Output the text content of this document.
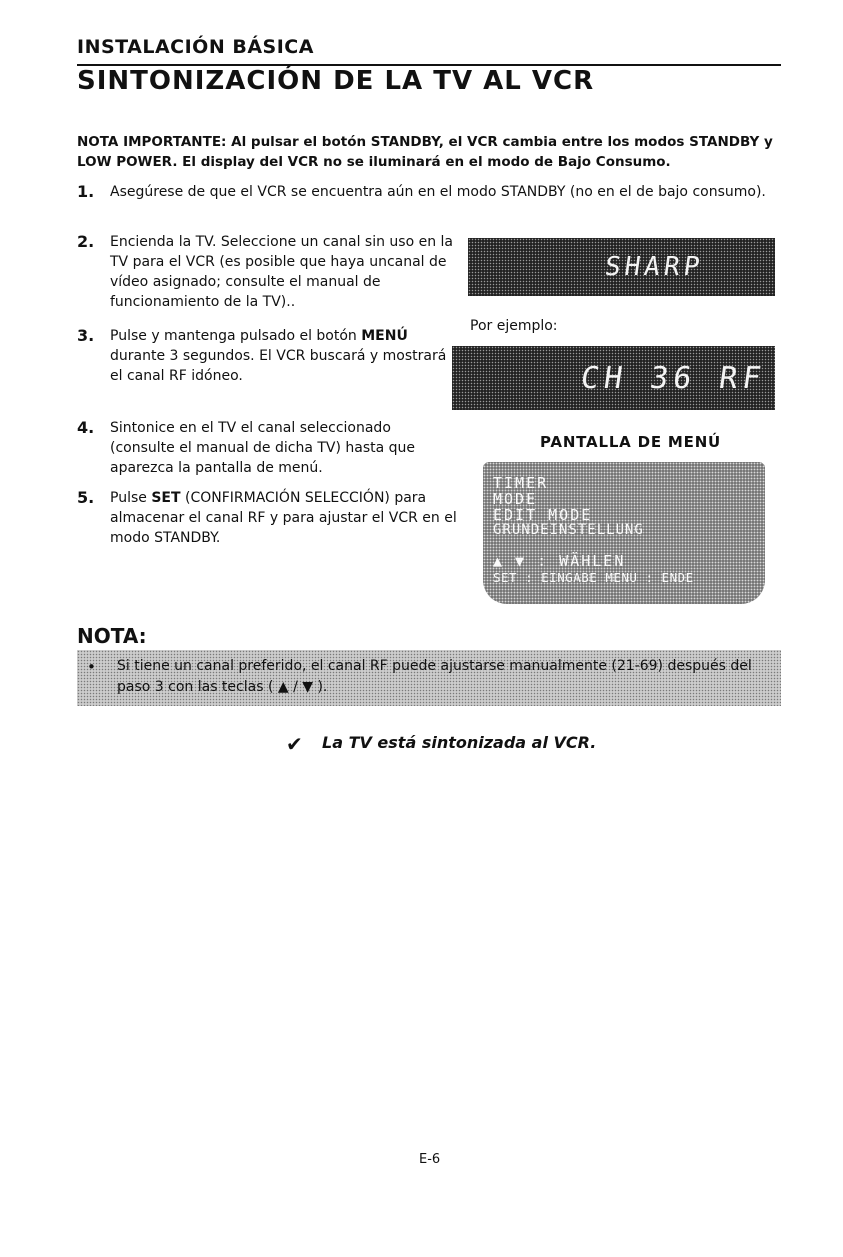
INSTALACIÓN BÁSICA
SINTONIZACIÓN DE LA TV AL VCR
NOTA IMPORTANTE: Al pulsar el botón STANDBY, el VCR cambia entre los modos STANDBY y LOW POWER. El display del VCR no se iluminará en el modo de Bajo Consumo.
1. Asegúrese de que el VCR se encuentra aún en el modo STANDBY (no en el de bajo consumo).
2. Encienda la TV. Seleccione un canal sin uso en la TV para el VCR (es posible que haya uncanal de vídeo asignado; consulte el manual de funcionamiento de la TV)..
3. Pulse y mantenga pulsado el botón MENÚ durante 3 segundos. El VCR buscará y mostrará el canal RF idóneo.
4. Sintonice en el TV el canal seleccionado (consulte el manual de dicha TV) hasta que aparezca la pantalla de menú.
5. Pulse SET (CONFIRMACIÓN SELECCIÓN) para almacenar el canal RF y para ajustar el VCR en el modo STANDBY.
SHARP
Por ejemplo:
CH 36 RF
PANTALLA DE MENÚ
TIMER
MODE
EDIT MODE
GRUNDEINSTELLUNG
▲ ▼ : WÄHLEN
SET : EINGABE MENU : ENDE
NOTA:
• Si tiene un canal preferido, el canal RF puede ajustarse manualmente (21-69) después del paso 3 con las teclas ( ▲ / ▼ ).
✔ La TV está sintonizada al VCR.
E-6
